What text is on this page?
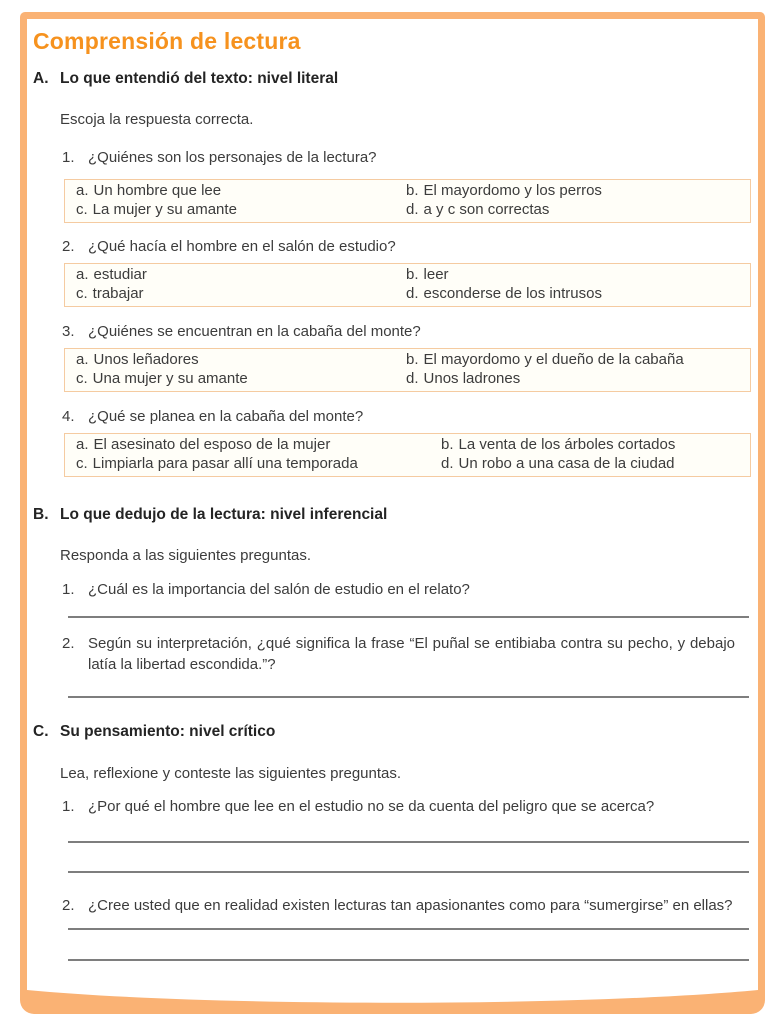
Comprensión de lectura
A. Lo que entendió del texto: nivel literal
Escoja la respuesta correcta.
1. ¿Quiénes son los personajes de la lectura?
a. Un hombre que lee	b. El mayordomo y los perros
c. La mujer y su amante	d. a y c son correctas
2. ¿Qué hacía el hombre en el salón de estudio?
a. estudiar	b. leer
c. trabajar	d. esconderse de los intrusos
3. ¿Quiénes se encuentran en la cabaña del monte?
a. Unos leñadores	b. El mayordomo y el dueño de la cabaña
c. Una mujer y su amante	d. Unos ladrones
4. ¿Qué se planea en la cabaña del monte?
a. El asesinato del esposo de la mujer	b. La venta de los árboles cortados
c. Limpiarla para pasar allí una temporada	d. Un robo a una casa de la ciudad
B. Lo que dedujo de la lectura: nivel inferencial
Responda a las siguientes preguntas.
1. ¿Cuál es la importancia del salón de estudio en el relato?
2. Según su interpretación, ¿qué significa la frase “El puñal se entibiaba contra su pecho, y debajo latía la libertad escondida.”?
C. Su pensamiento: nivel crítico
Lea, reflexione y conteste las siguientes preguntas.
1. ¿Por qué el hombre que lee en el estudio no se da cuenta del peligro que se acerca?
2. ¿Cree usted que en realidad existen lecturas tan apasionantes como para “sumergirse” en ellas?
